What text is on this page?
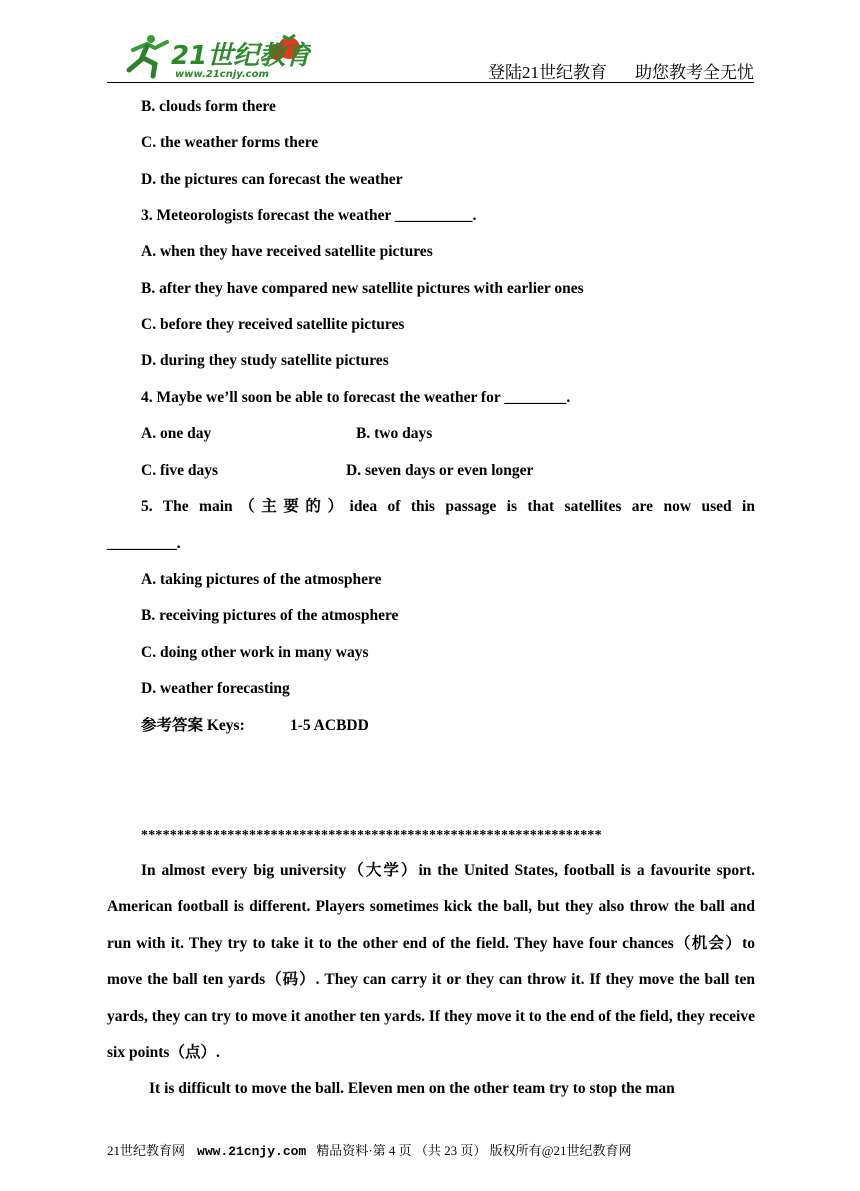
21世纪教育
www.21cnjy.com	登陆21世纪教育 助您教考全无忧
B. clouds form there
C. the weather forms there
D. the pictures can forecast the weather
3. Meteorologists forecast the weather __________.
A. when they have received satellite pictures
B. after they have compared new satellite pictures with earlier ones
C. before they received satellite pictures
D. during they study satellite pictures
4. Maybe we’ll soon be able to forecast the weather for ________.
A. one day	B. two days
C. five days	D. seven days or even longer
5. The main（主要的）idea of this passage is that satellites are now used in
_________.
A. taking pictures of the atmosphere
B. receiving pictures of the atmosphere
C. doing other work in many ways
D. weather forecasting
参考答案 Keys:	1-5 ACBDD
****************************************************************

In almost every big university（大学）in the United States, football is a favourite sport. American football is different. Players sometimes kick the ball, but they also throw the ball and run with it. They try to take it to the other end of the field. They have four chances（机会）to move the ball ten yards（码）. They can carry it or they can throw it. If they move the ball ten yards, they can try to move it another ten yards. If they move it to the end of the field, they receive six points（点）.

It is difficult to move the ball. Eleven men on the other team try to stop the man

21世纪教育网 www.21cnjy.com 精品资料·第 4 页 （共 23 页） 版权所有@21世纪教育网
